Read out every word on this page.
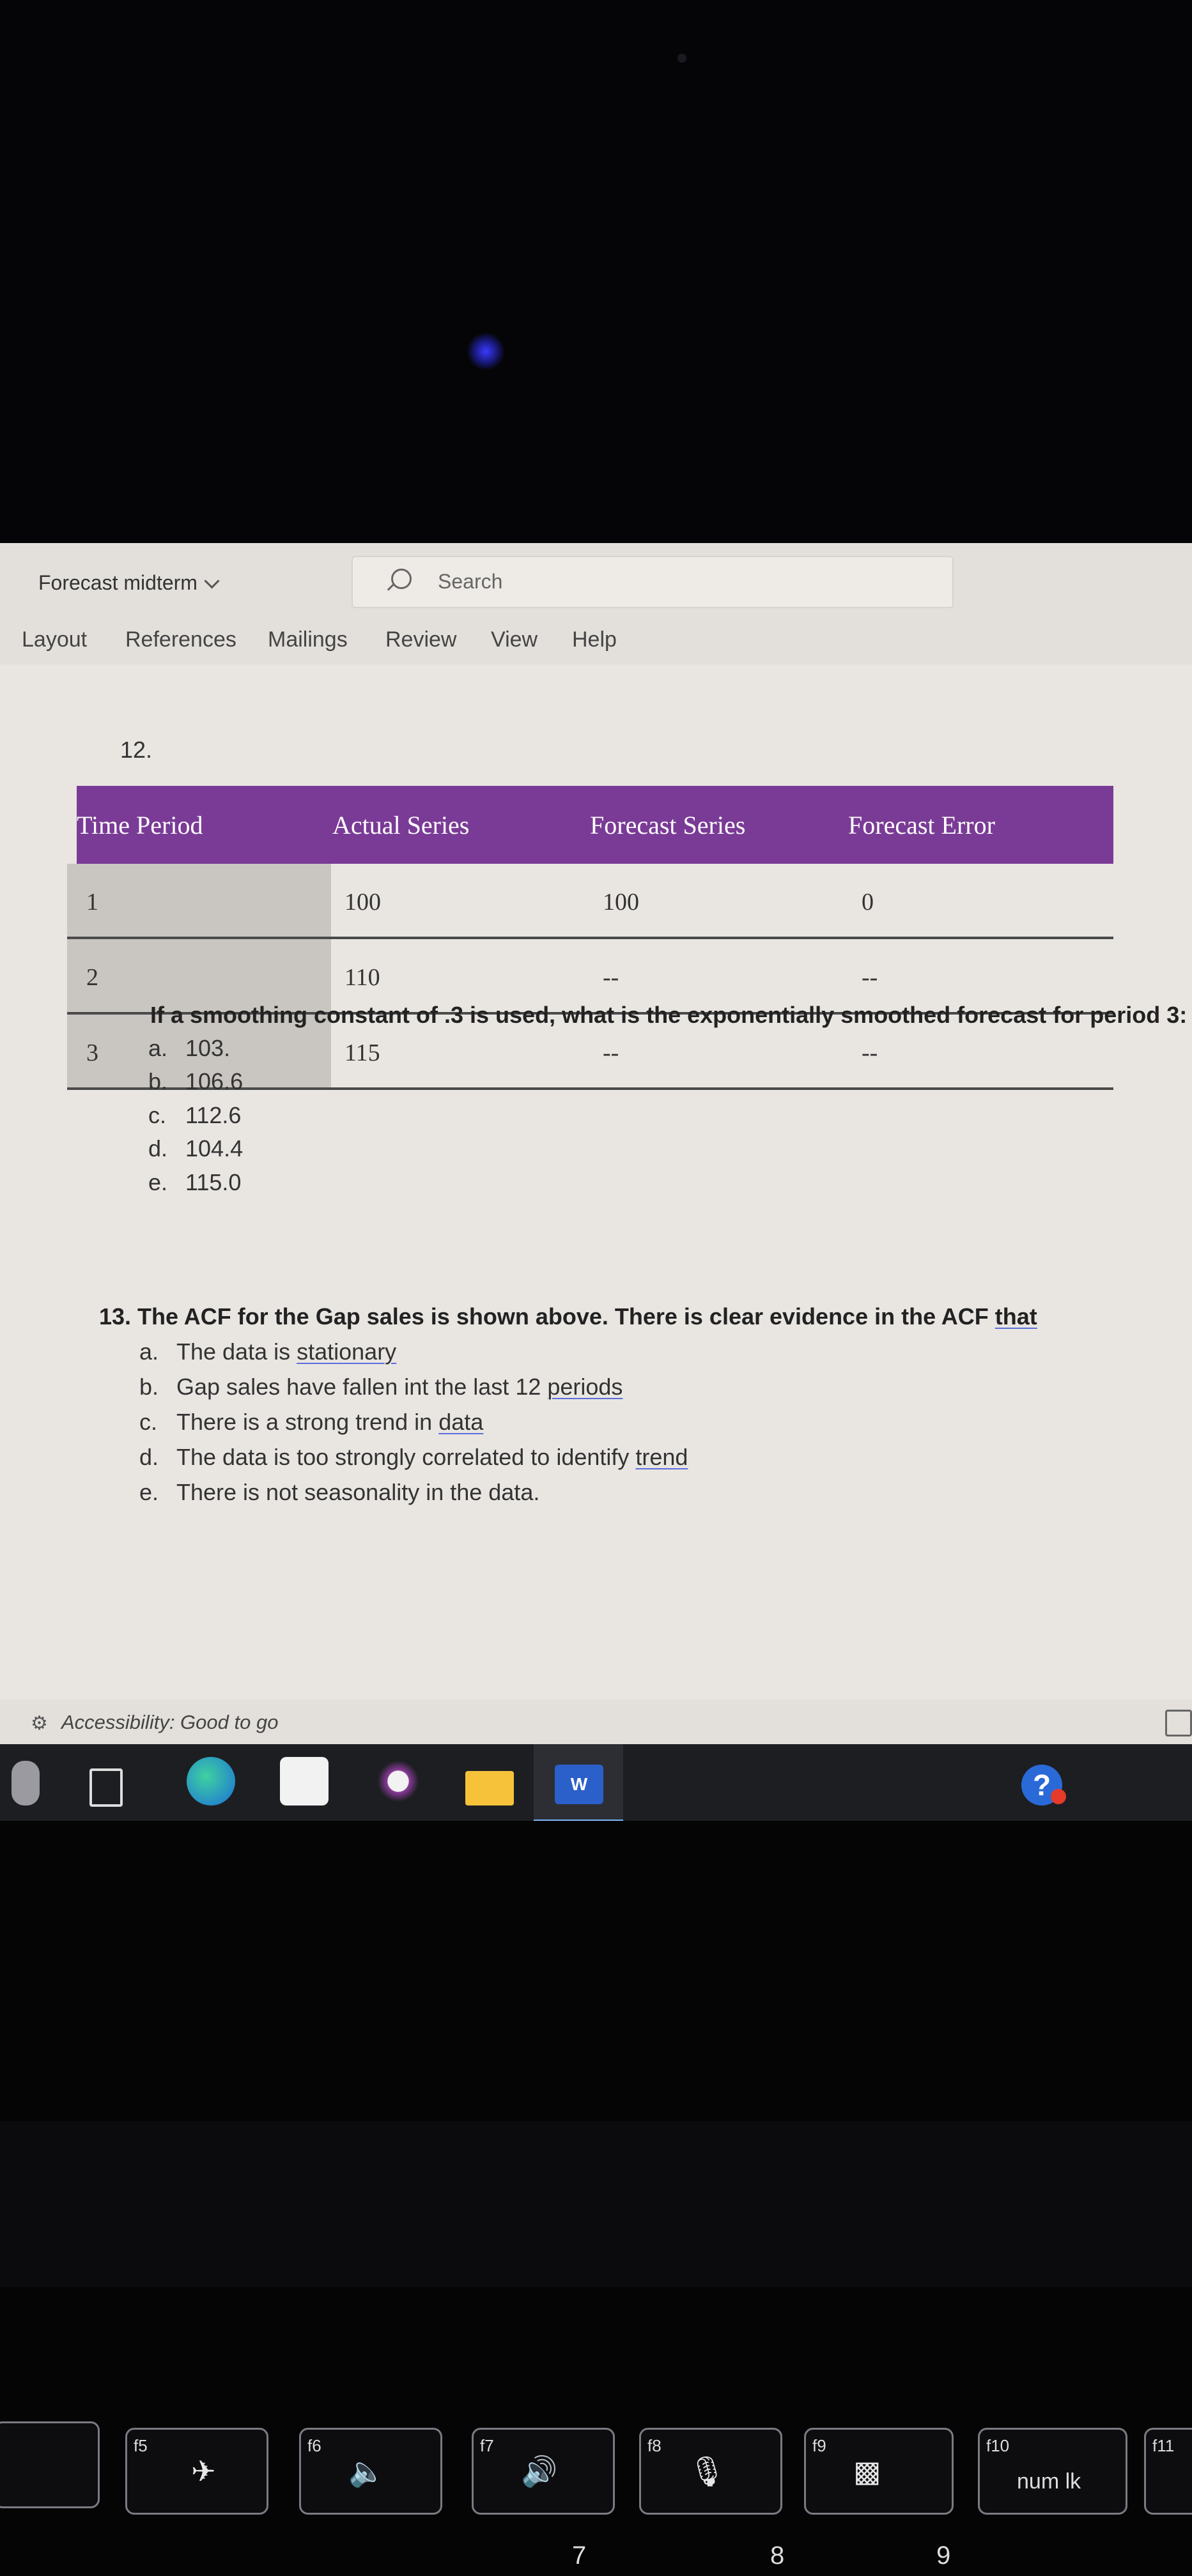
Forecast midterm	Search
Layout References Mailings Review View Help
12.
Time Period	Actual Series	Forecast Series	Forecast Error
1	100	100	0
2	110	--	--
3	115	--	--
If a smoothing constant of .3 is used, what is the exponentially smoothed forecast for period 3:
a. 103.
b. 106.6
c. 112.6
d. 104.4
e. 115.0
13. The ACF for the Gap sales is shown above. There is clear evidence in the ACF that
a. The data is stationary
b. Gap sales have fallen int the last 12 periods
c. There is a strong trend in data
d. The data is too strongly correlated to identify trend
e. There is not seasonality in the data.
⚙ Accessibility: Good to go
W	?
f5
✈
f6
🔈
f7
🔊
f8
🎙
f9
▩
f10
num lk
f11
7	8	9
